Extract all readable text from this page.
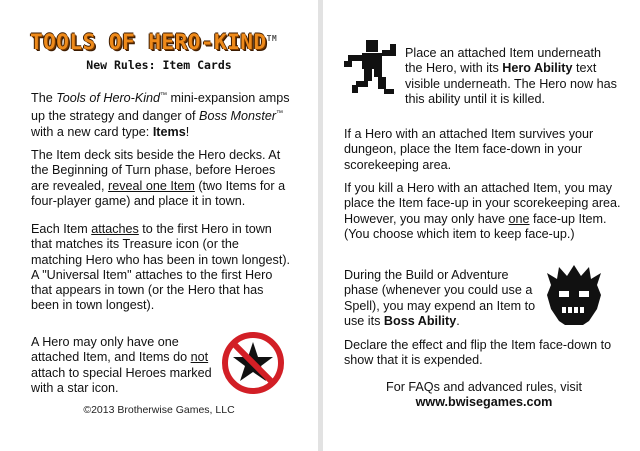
TOOLS OF HERO-KIND™
New Rules: Item Cards

The Tools of Hero-Kind™ mini-expansion amps up the strategy and danger of Boss Monster™ with a new card type: Items!

The Item deck sits beside the Hero decks. At the Beginning of Turn phase, before Heroes are revealed, reveal one Item (two Items for a four-player game) and place it in town.

Each Item attaches to the first Hero in town that matches its Treasure icon (or the matching Hero who has been in town longest). A "Universal Item" attaches to the first Hero that appears in town (or the Hero that has been in town longest).

A Hero may only have one attached Item, and Items do not attach to special Heroes marked with a star icon.

©2013 Brotherwise Games, LLC

Place an attached Item underneath the Hero, with its Hero Ability text visible underneath. The Hero now has this ability until it is killed.

If a Hero with an attached Item survives your dungeon, place the Item face-down in your scorekeeping area.

If you kill a Hero with an attached Item, you may place the Item face-up in your scorekeeping area. However, you may only have one face-up Item. (You choose which item to keep face-up.)

During the Build or Adventure phase (whenever you could use a Spell), you may expend an Item to use its Boss Ability.

Declare the effect and flip the Item face-down to show that it is expended.

For FAQs and advanced rules, visit

www.bwisegames.com
